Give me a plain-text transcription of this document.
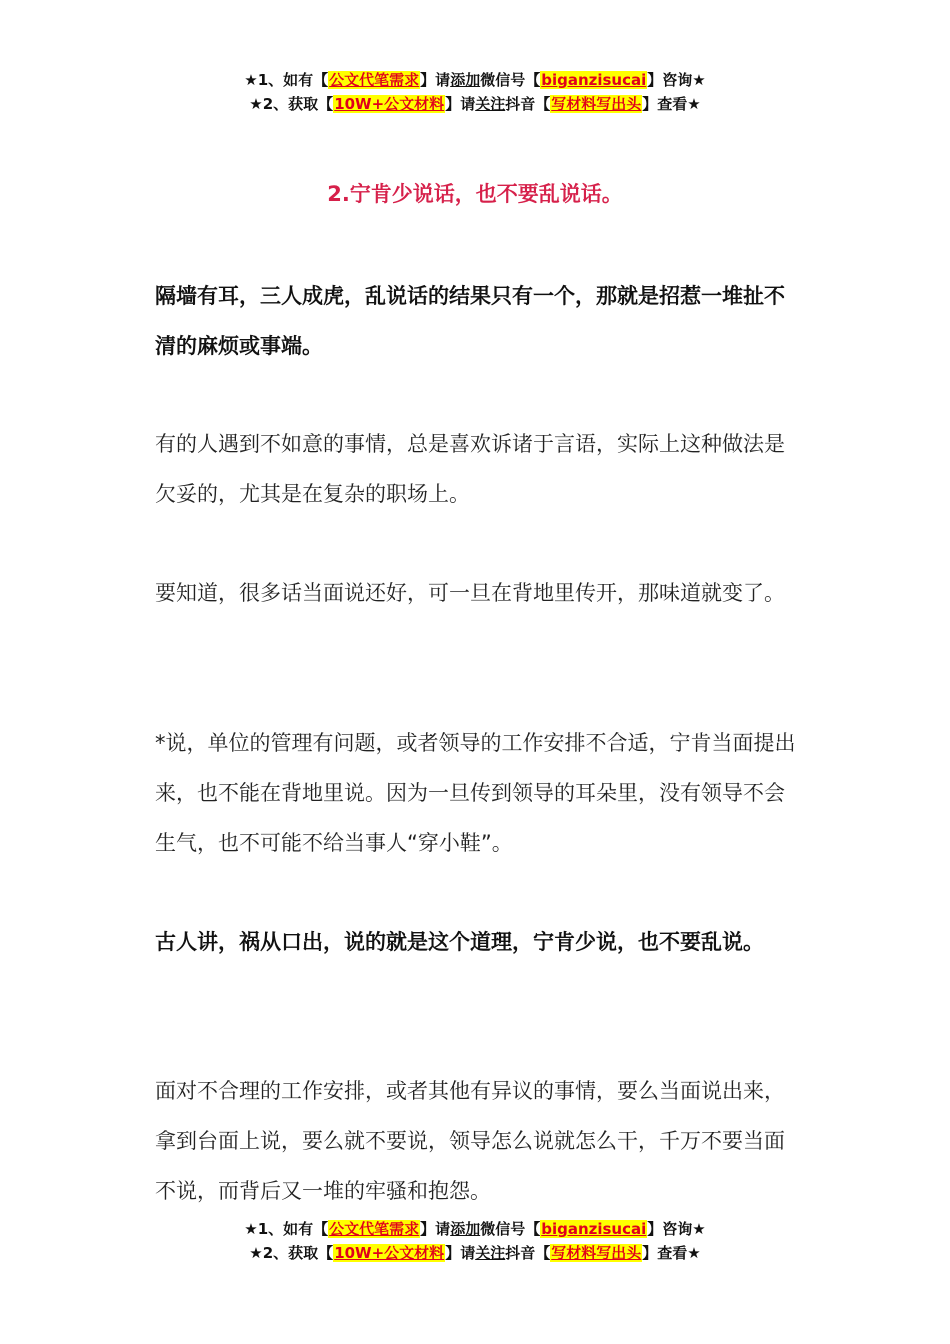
★1、如有【公文代笔需求】请添加微信号【biganzisucai】咨询★
★2、获取【10W+公文材料】请关注抖音【写材料写出头】查看★
2.宁肯少说话，也不要乱说话。

隔墙有耳，三人成虎，乱说话的结果只有一个，那就是招惹一堆扯不清的麻烦或事端。

有的人遇到不如意的事情，总是喜欢诉诸于言语，实际上这种做法是欠妥的，尤其是在复杂的职场上。

要知道，很多话当面说还好，可一旦在背地里传开，那味道就变了。

*说，单位的管理有问题，或者领导的工作安排不合适，宁肯当面提出来，也不能在背地里说。因为一旦传到领导的耳朵里，没有领导不会生气，也不可能不给当事人“穿小鞋”。

古人讲，祸从口出，说的就是这个道理，宁肯少说，也不要乱说。

面对不合理的工作安排，或者其他有异议的事情，要么当面说出来，拿到台面上说，要么就不要说，领导怎么说就怎么干，千万不要当面不说，而背后又一堆的牢骚和抱怨。

★1、如有【公文代笔需求】请添加微信号【biganzisucai】咨询★
★2、获取【10W+公文材料】请关注抖音【写材料写出头】查看★
